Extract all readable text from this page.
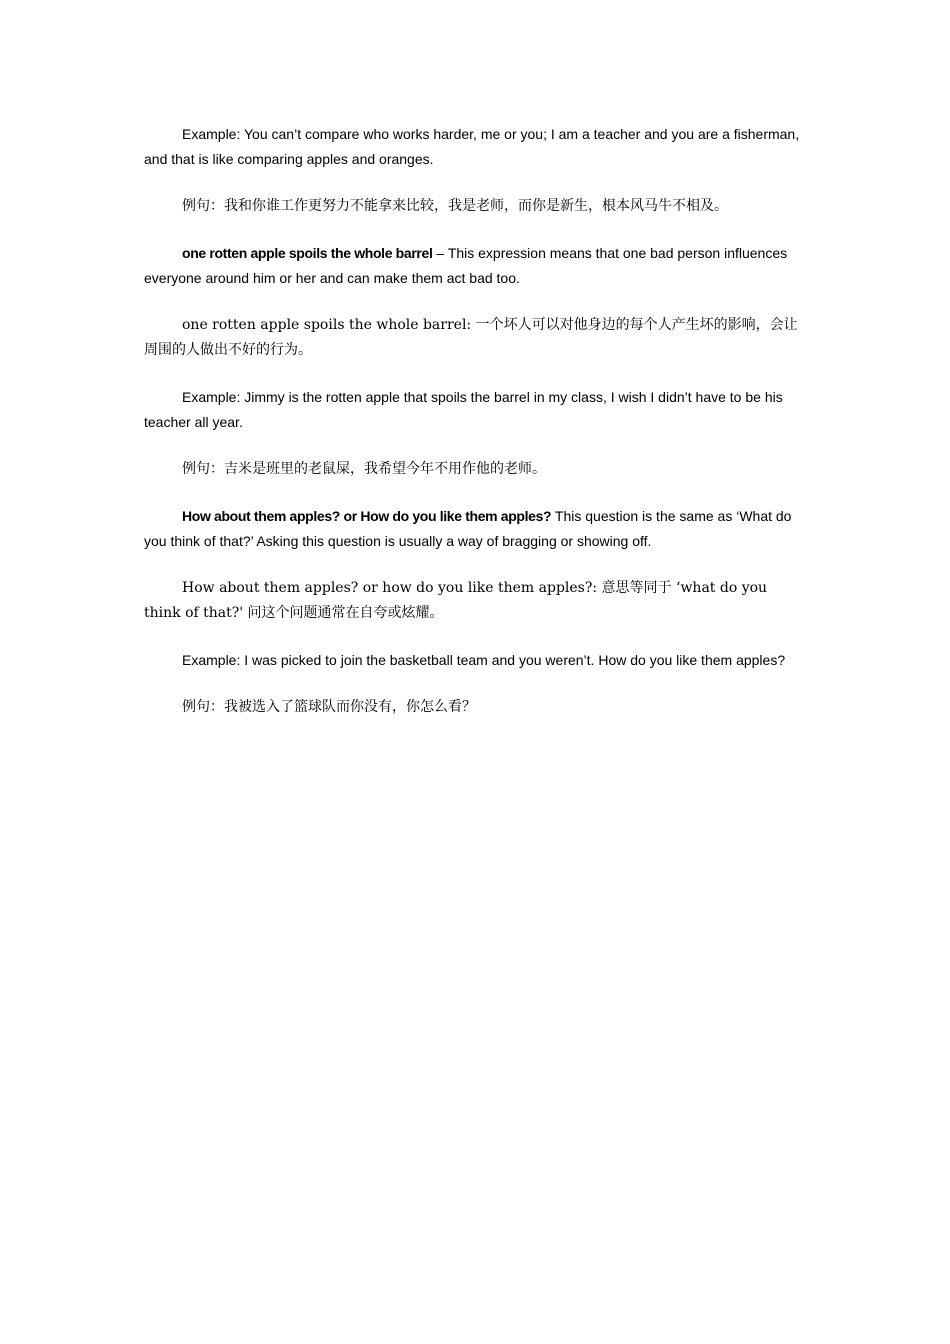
Example: You can’t compare who works harder, me or you; I am a teacher and you are a fisherman, and that is like comparing apples and oranges.

例句：我和你谁工作更努力不能拿来比较，我是老师，而你是新生，根本风马牛不相及。

one rotten apple spoils the whole barrel – This expression means that one bad person influences everyone around him or her and can make them act bad too.

one rotten apple spoils the whole barrel: 一个坏人可以对他身边的每个人产生坏的影响，会让周围的人做出不好的行为。

Example: Jimmy is the rotten apple that spoils the barrel in my class, I wish I didn’t have to be his teacher all year.

例句：吉米是班里的老鼠屎，我希望今年不用作他的老师。

How about them apples? or How do you like them apples? This question is the same as ‘What do you think of that?’ Asking this question is usually a way of bragging or showing off.

How about them apples? or how do you like them apples?: 意思等同于 ‘what do you think of that?' 问这个问题通常在自夸或炫耀。

Example: I was picked to join the basketball team and you weren’t. How do you like them apples?

例句：我被选入了篮球队而你没有，你怎么看？
